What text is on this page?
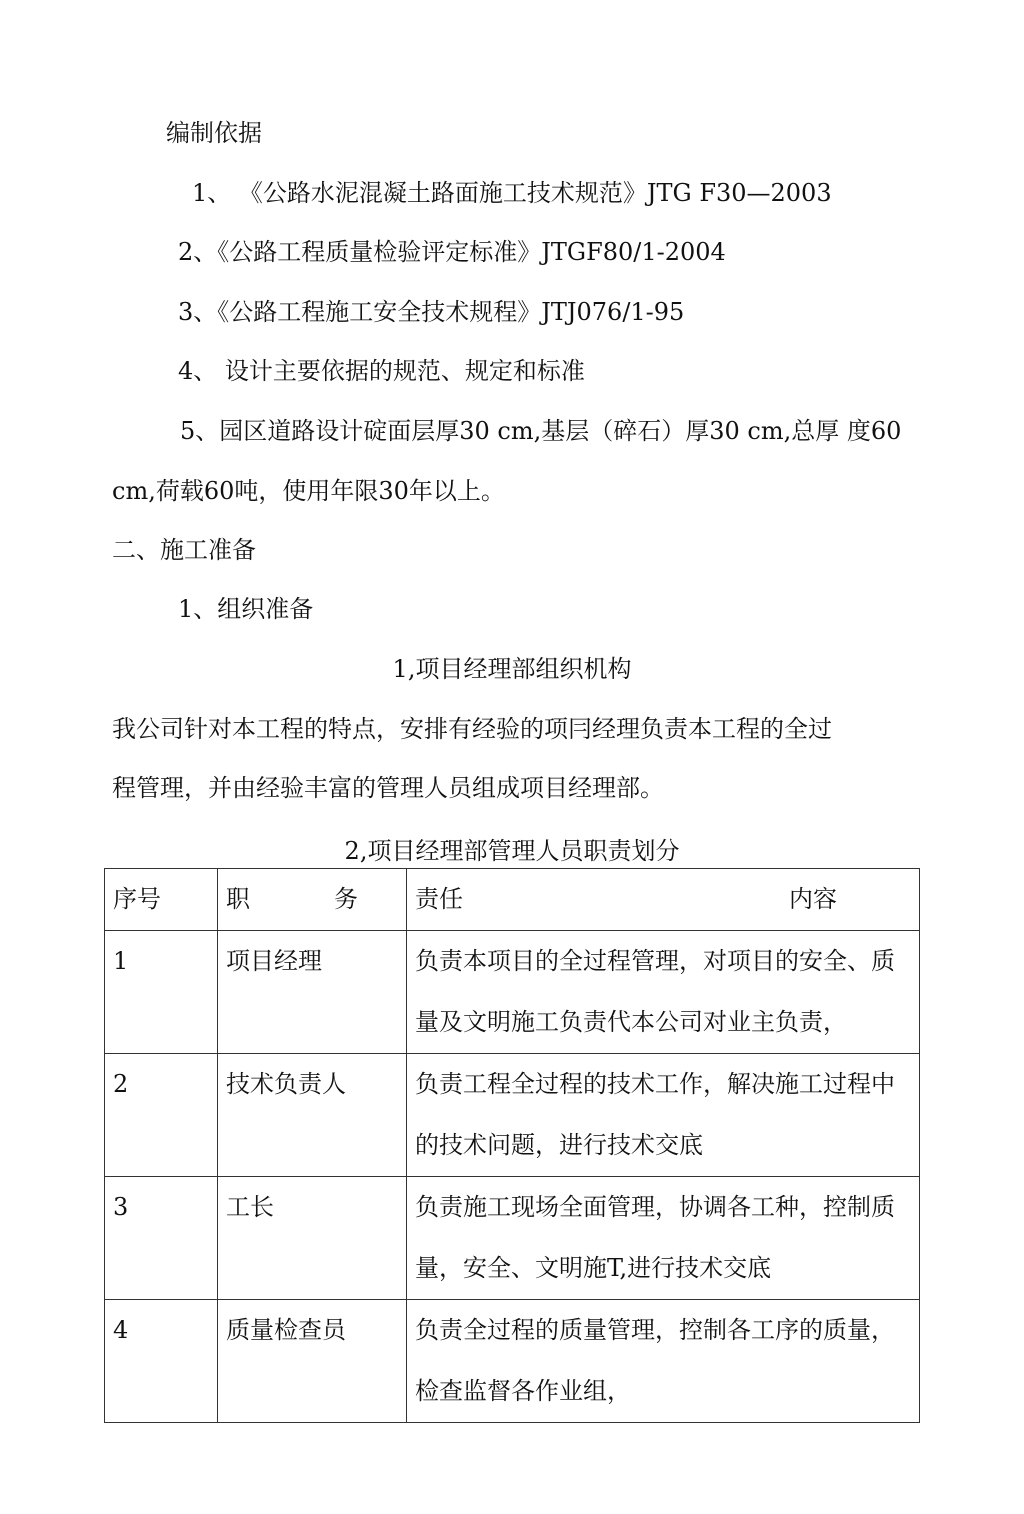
编制依据
1、 《公路水泥混凝土路面施工技术规范》JTG F30—2003
2、《公路工程质量检验评定标准》JTGF80/1-2004
3、《公路工程施工安全技术规程》JTJ076/1-95
4、 设计主要依据的规范、规定和标准
5、园区道路设计碇面层厚30 cm,基层（碎石）厚30 cm,总厚 度60
cm,荷载60吨，使用年限30年以上。
二、施工准备
1、组织准备
1,项目经理部组织机构
我公司针对本工程的特点，安排有经验的项冃经理负责本工程的全过
程管理，并由经验丰富的管理人员组成项目经理部。
2,项目经理部管理人员职责划分
序号	职 务	责任 内容

1	项目经理	负责本项目的全过程管理，对项目的安全、质
量及文明施工负责代本公司对业主负责，

2	技术负责人	负责工程全过程的技术工作，解决施工过程中
的技术问题，进行技术交底

3	工长	负责施工现场全面管理，协调各工种，控制质
量，安全、文明施T,进行技术交底

4	质量检查员	负责全过程的质量管理，控制各工序的质量，
检查监督各作业组，
